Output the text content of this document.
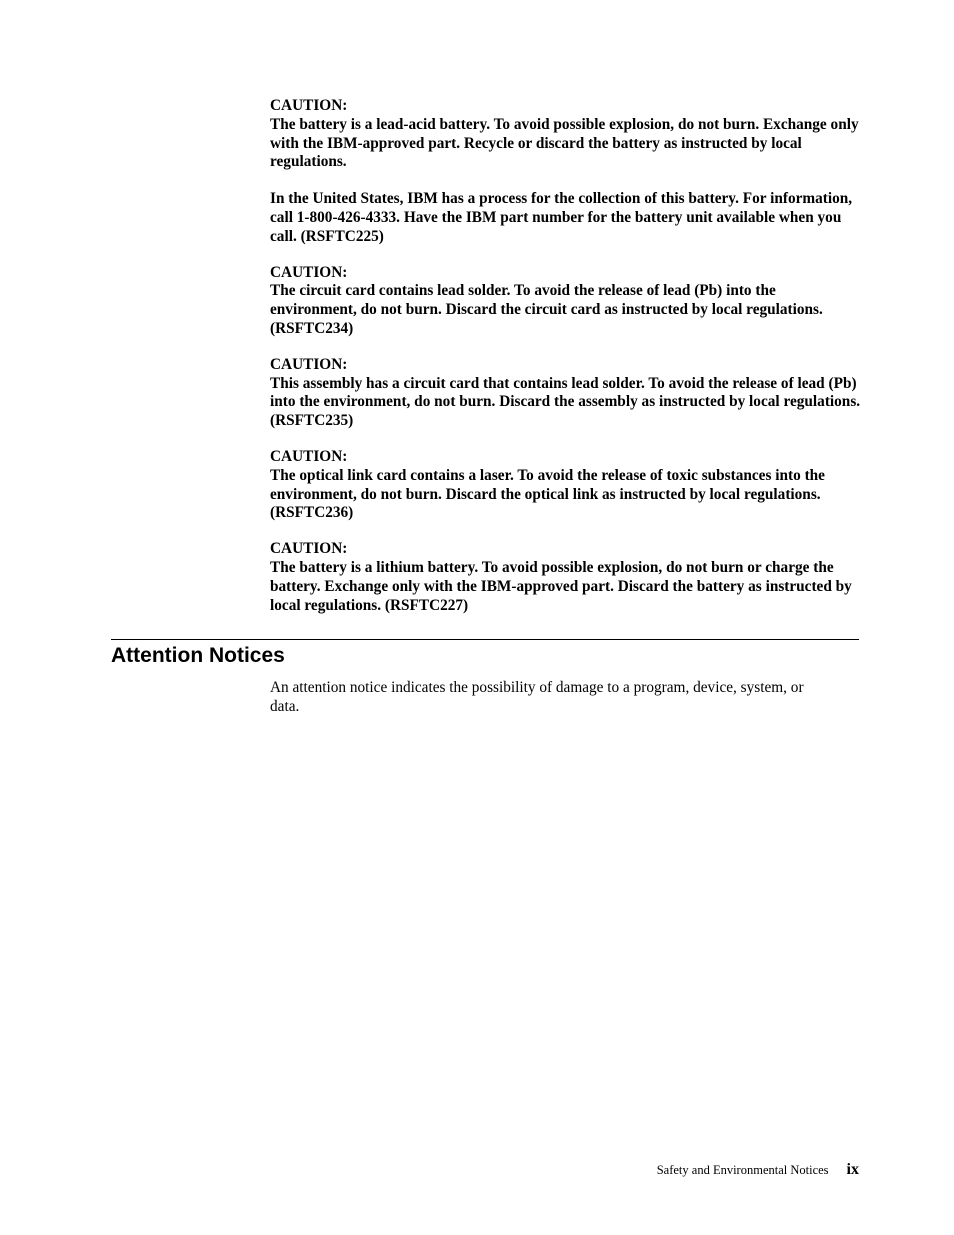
CAUTION:

The battery is a lead-acid battery. To avoid possible explosion, do not burn. Exchange only with the IBM-approved part. Recycle or discard the battery as instructed by local regulations.

In the United States, IBM has a process for the collection of this battery. For information, call 1-800-426-4333. Have the IBM part number for the battery unit available when you call. (RSFTC225)

CAUTION:

The circuit card contains lead solder. To avoid the release of lead (Pb) into the environment, do not burn. Discard the circuit card as instructed by local regulations. (RSFTC234)

CAUTION:

This assembly has a circuit card that contains lead solder. To avoid the release of lead (Pb) into the environment, do not burn. Discard the assembly as instructed by local regulations. (RSFTC235)

CAUTION:

The optical link card contains a laser. To avoid the release of toxic substances into the environment, do not burn. Discard the optical link as instructed by local regulations. (RSFTC236)

CAUTION:

The battery is a lithium battery. To avoid possible explosion, do not burn or charge the battery. Exchange only with the IBM-approved part. Discard the battery as instructed by local regulations. (RSFTC227)

Attention Notices

An attention notice indicates the possibility of damage to a program, device, system, or data.

Safety and Environmental Notices ix
